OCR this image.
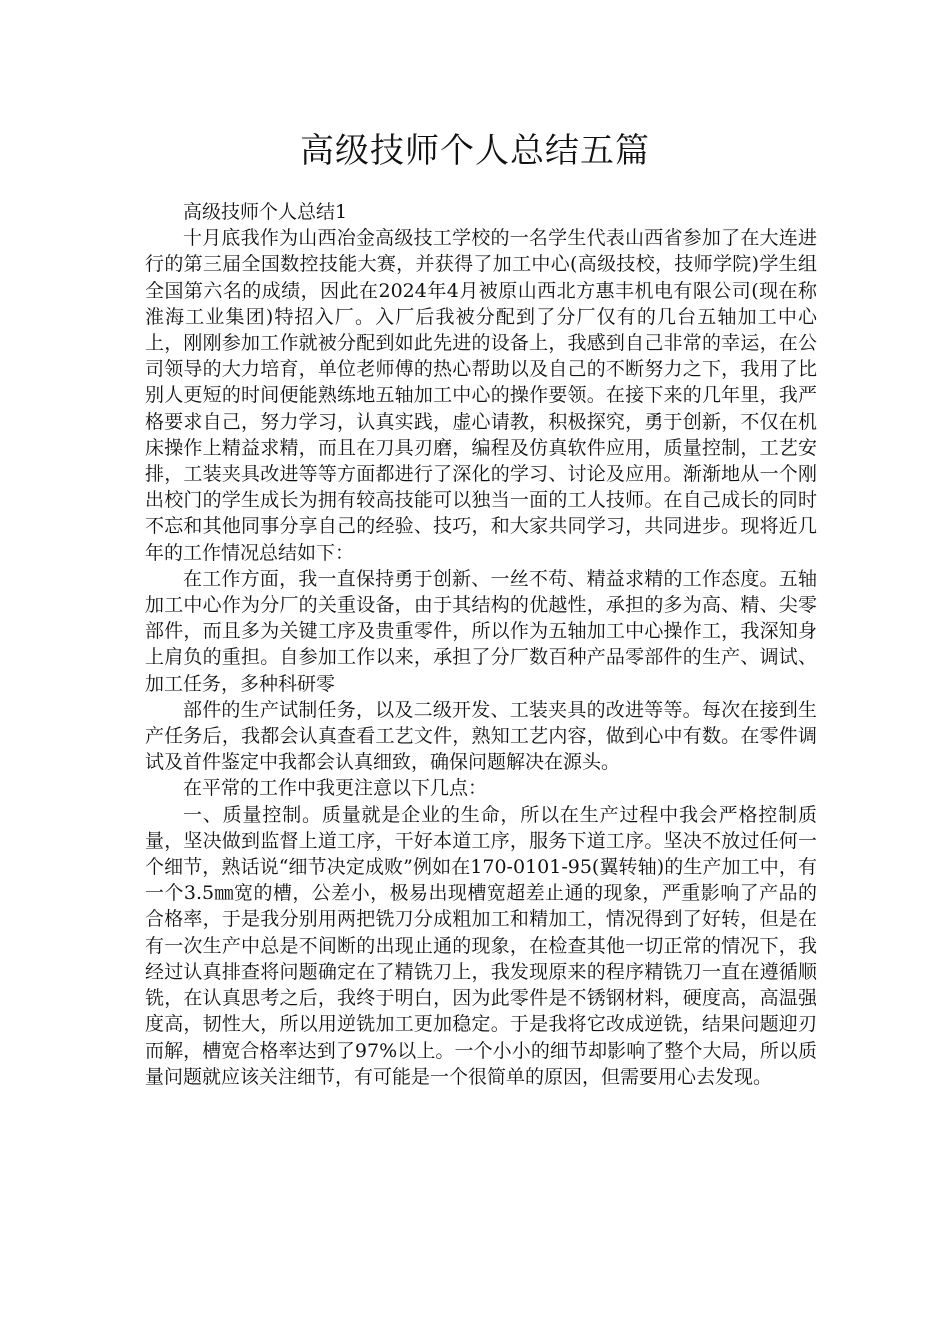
高级技师个人总结五篇

高级技师个人总结1

十月底我作为山西冶金高级技工学校的一名学生代表山西省参加了在大连进行的第三届全国数控技能大赛，并获得了加工中心(高级技校，技师学院)学生组全国第六名的成绩，因此在2024年4月被原山西北方惠丰机电有限公司(现在称淮海工业集团)特招入厂。入厂后我被分配到了分厂仅有的几台五轴加工中心上，刚刚参加工作就被分配到如此先进的设备上，我感到自己非常的幸运，在公司领导的大力培育，单位老师傅的热心帮助以及自己的不断努力之下，我用了比别人更短的时间便能熟练地五轴加工中心的操作要领。在接下来的几年里，我严格要求自己，努力学习，认真实践，虚心请教，积极探究，勇于创新，不仅在机床操作上精益求精，而且在刀具刃磨，编程及仿真软件应用，质量控制，工艺安排，工装夹具改进等等方面都进行了深化的学习、讨论及应用。渐渐地从一个刚出校门的学生成长为拥有较高技能可以独当一面的工人技师。在自己成长的同时不忘和其他同事分享自己的经验、技巧，和大家共同学习，共同进步。现将近几年的工作情况总结如下：

在工作方面，我一直保持勇于创新、一丝不苟、精益求精的工作态度。五轴加工中心作为分厂的关重设备，由于其结构的优越性，承担的多为高、精、尖零部件，而且多为关键工序及贵重零件，所以作为五轴加工中心操作工，我深知身上肩负的重担。自参加工作以来，承担了分厂数百种产品零部件的生产、调试、加工任务，多种科研零

部件的生产试制任务，以及二级开发、工装夹具的改进等等。每次在接到生产任务后，我都会认真查看工艺文件，熟知工艺内容，做到心中有数。在零件调试及首件鉴定中我都会认真细致，确保问题解决在源头。

在平常的工作中我更注意以下几点：

一、质量控制。质量就是企业的生命，所以在生产过程中我会严格控制质量，坚决做到监督上道工序，干好本道工序，服务下道工序。坚决不放过任何一个细节，熟话说“细节决定成败”例如在170-0101-95(翼转轴)的生产加工中，有一个3.5㎜宽的槽，公差小，极易出现槽宽超差止通的现象，严重影响了产品的合格率，于是我分别用两把铣刀分成粗加工和精加工，情况得到了好转，但是在有一次生产中总是不间断的出现止通的现象，在检查其他一切正常的情况下，我经过认真排查将问题确定在了精铣刀上，我发现原来的程序精铣刀一直在遵循顺铣，在认真思考之后，我终于明白，因为此零件是不锈钢材料，硬度高，高温强度高，韧性大，所以用逆铣加工更加稳定。于是我将它改成逆铣，结果问题迎刃而解，槽宽合格率达到了97%以上。一个小小的细节却影响了整个大局，所以质量问题就应该关注细节，有可能是一个很简单的原因，但需要用心去发现。
